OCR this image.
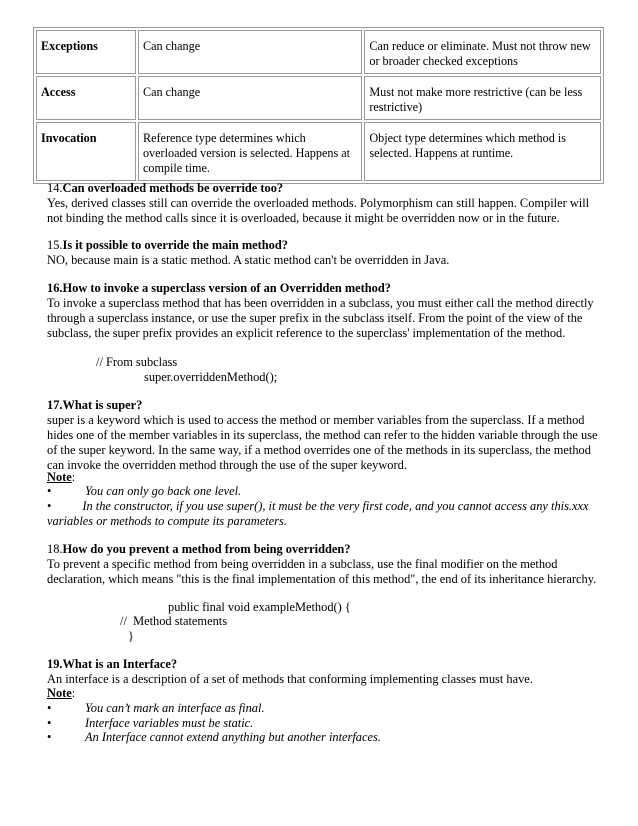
Exceptions	Can change	Can reduce or eliminate. Must not throw new or broader checked exceptions
Access	Can change	Must not make more restrictive (can be less restrictive)
Invocation	Reference type determines which overloaded version is selected. Happens at compile time.	Object type determines which method is selected. Happens at runtime.
14.Can overloaded methods be override too?
Yes, derived classes still can override the overloaded methods. Polymorphism can still happen. Compiler will not binding the method calls since it is overloaded, because it might be overridden now or in the future.
15.Is it possible to override the main method?
NO, because main is a static method. A static method can't be overridden in Java.
16.How to invoke a superclass version of an Overridden method?
To invoke a superclass method that has been overridden in a subclass, you must either call the method directly through a superclass instance, or use the super prefix in the subclass itself. From the point of the view of the subclass, the super prefix provides an explicit reference to the superclass' implementation of the method.
// From subclass
super.overriddenMethod();
17.What is super?
super is a keyword which is used to access the method or member variables from the superclass. If a method hides one of the member variables in its superclass, the method can refer to the hidden variable through the use of the super keyword. In the same way, if a method overrides one of the methods in its superclass, the method can invoke the overridden method through the use of the super keyword.
Note:
•	You can only go back one level.
•	In the constructor, if you use super(), it must be the very first code, and you cannot access any this.xxx variables or methods to compute its parameters.
18.How do you prevent a method from being overridden?
To prevent a specific method from being overridden in a subclass, use the final modifier on the method declaration, which means "this is the final implementation of this method", the end of its inheritance hierarchy.
public final void exampleMethod() {
//  Method statements
}
19.What is an Interface?
An interface is a description of a set of methods that conforming implementing classes must have.
Note:
•	You can’t mark an interface as final.
•	Interface variables must be static.
•	An Interface cannot extend anything but another interfaces.
